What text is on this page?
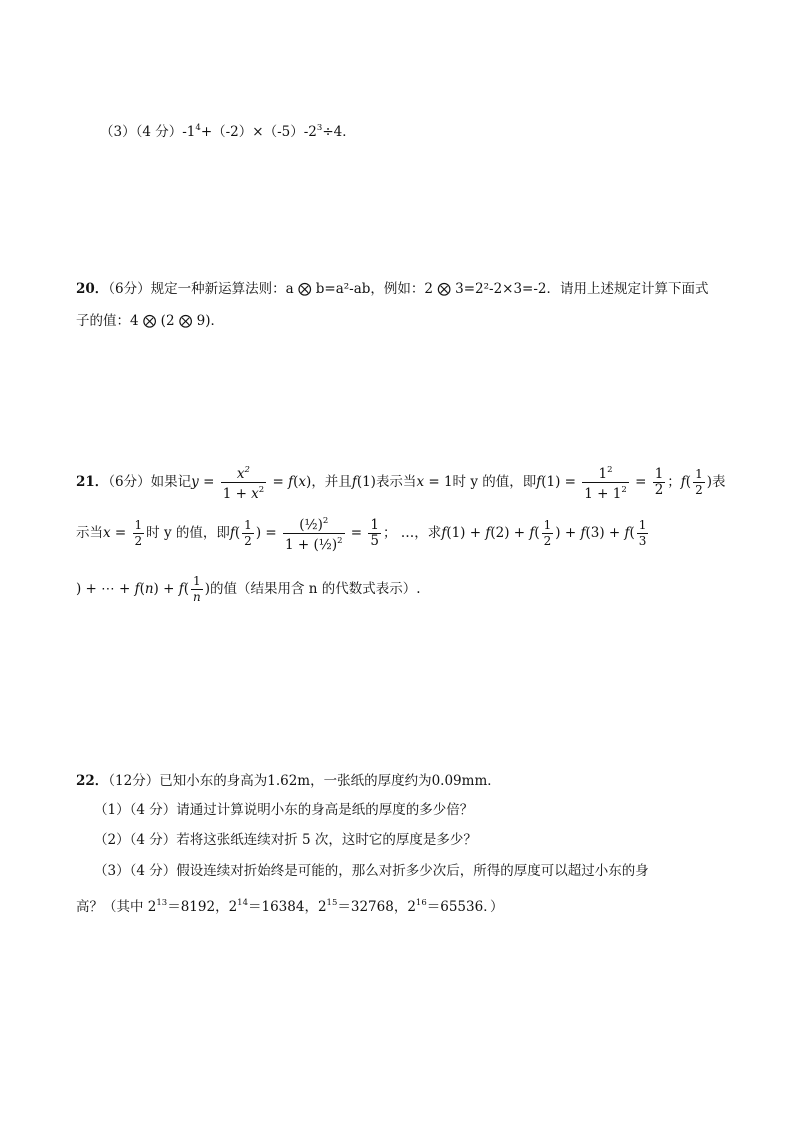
（3）（4 分）$-1^4+(-2)\times(-5)-2^3\div 4$．
20．（6分）规定一种新运算法则：a ⨂ b=a²-ab，例如：2 ⨂ 3=2²-2×3=-2．请用上述规定计算下面式
子的值：4 ⨂ (2 ⨂ 9)．
21．（6分）如果记$y = \frac{x^2}{1 + x^2} = f(x)$，并且f(1)表示当x = 1时 y 的值，即$f(1) = \frac{1^2}{1 + 1^2} = \frac{1}{2}$ ；$f( \frac{1}{2}$ )表
示当$x = \frac{1}{2}$ 时 y 的值，即$f( \frac{1}{2}$ ) = $\frac{(\frac{1}{2})^2}{1 + (\frac{1}{2})^2} = \frac{1}{5}$ ； …，求$f(1) + f(2) + f( \frac{1}{2}$ ) + $f(3) + f( \frac{1}{3}$
) + ⋯ + $f(n) + f( \frac{1}{n}$ )的值（结果用含 n 的代数式表示）.
22．（12分）已知小东的身高为1.62m，一张纸的厚度约为0.09mm．
（1）（4 分）请通过计算说明小东的身高是纸的厚度的多少倍？
（2）（4 分）若将这张纸连续对折 5 次，这时它的厚度是多少？
（3）（4 分）假设连续对折始终是可能的，那么对折多少次后，所得的厚度可以超过小东的身
高？（其中 $2^{13}=8192$，$2^{14}=16384$，$2^{15}=32768$，$2^{16}=65536$．）
